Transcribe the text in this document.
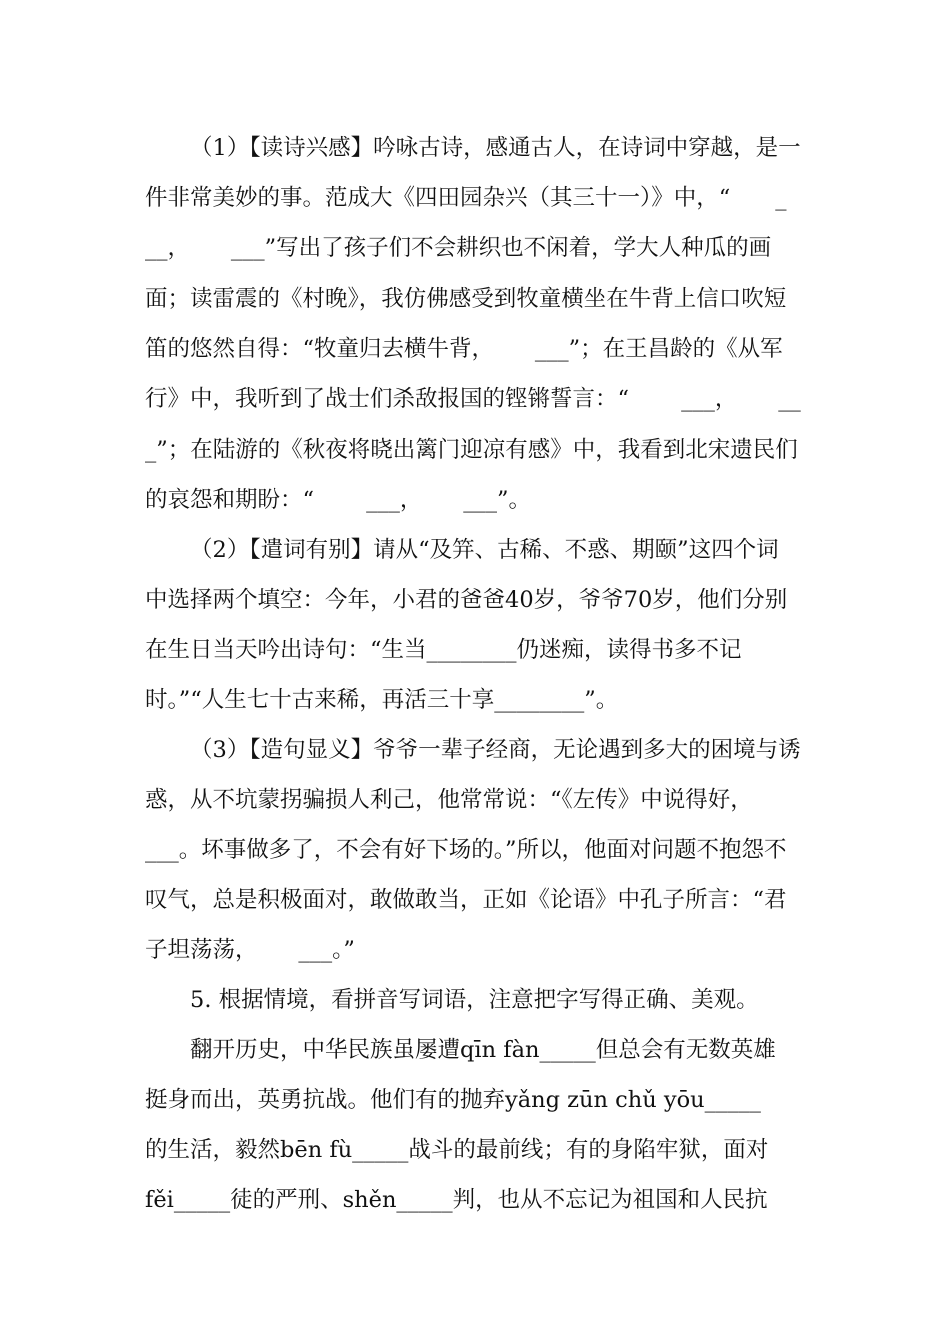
（1）【读诗兴感】吟咏古诗，感通古人，在诗词中穿越，是一
件非常美妙的事。范成大《四田园杂兴（其三十一）》中，“　　_
__，　　 ___”写出了孩子们不会耕织也不闲着，学大人种瓜的画
面；读雷震的《村晚》，我仿佛感受到牧童横坐在牛背上信口吹短
笛的悠然自得：“牧童归去横牛背，　　 ___”；在王昌龄的《从军
行》中，我听到了战士们杀敌报国的铿锵誓言：“　　 ___，　　 __
_”；在陆游的《秋夜将晓出篱门迎凉有感》中，我看到北宋遗民们
的哀怨和期盼：“　　 ___，　　 ___”。
（2）【遣词有别】请从“及笄、古稀、不惑、期颐”这四个词
中选择两个填空：今年，小君的爸爸40岁，爷爷70岁，他们分别
在生日当天吟出诗句：“生当________仍迷痴，读得书多不记
时。”“人生七十古来稀，再活三十享________”。
（3）【造句显义】爷爷一辈子经商，无论遇到多大的困境与诱
惑，从不坑蒙拐骗损人利己，他常常说：“《左传》中说得好，
___。坏事做多了，不会有好下场的。”所以，他面对问题不抱怨不
叹气，总是积极面对，敢做敢当，正如《论语》中孔子所言：“君
子坦荡荡，　　 ___。”
5. 根据情境，看拼音写词语，注意把字写得正确、美观。
翻开历史，中华民族虽屡遭qīn fàn_____但总会有无数英雄
挺身而出，英勇抗战。他们有的抛弃yǎng zūn chǔ yōu_____
的生活，毅然bēn fù_____战斗的最前线；有的身陷牢狱，面对
fěi_____徒的严刑、shěn_____判，也从不忘记为祖国和人民抗
